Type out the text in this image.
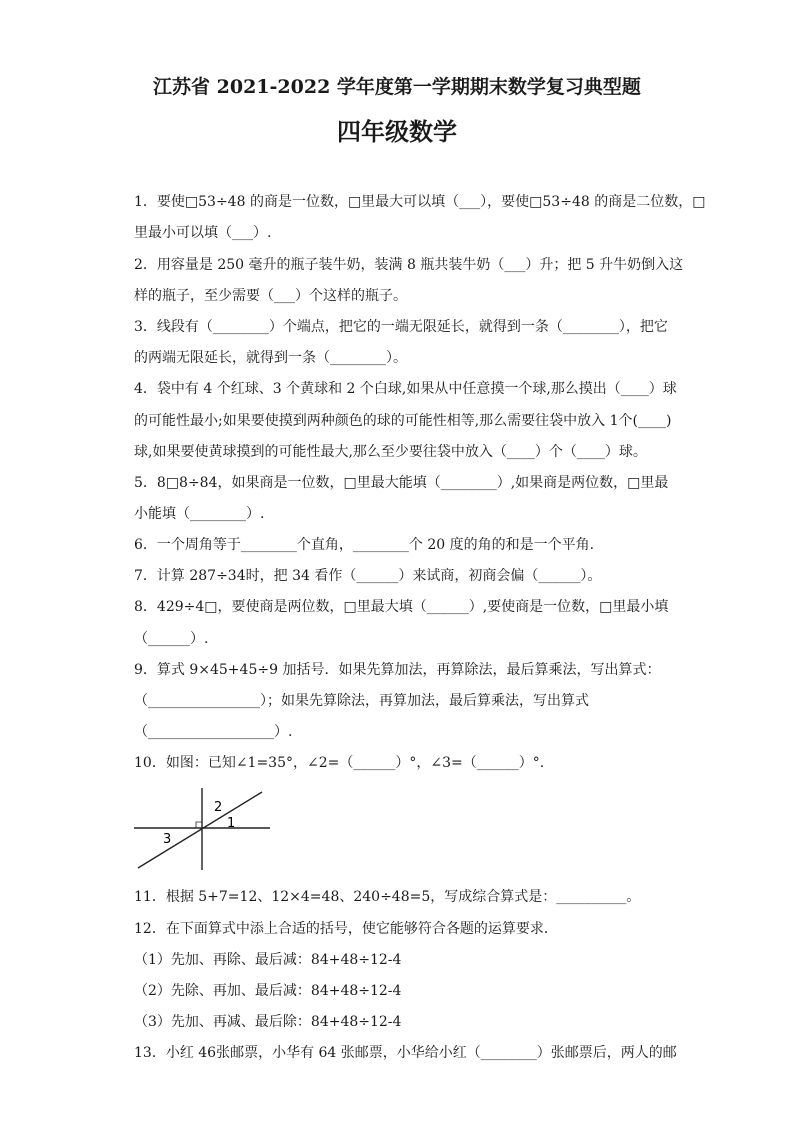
江苏省 2021-2022 学年度第一学期期末数学复习典型题
四年级数学
1．要使□53÷48 的商是一位数，□里最大可以填（___），要使□53÷48 的商是二位数，□
里最小可以填（___）.
2．用容量是 250 毫升的瓶子装牛奶，装满 8 瓶共装牛奶（___）升；把 5 升牛奶倒入这
样的瓶子，至少需要（___）个这样的瓶子。
3．线段有（________）个端点，把它的一端无限延长，就得到一条（________），把它
的两端无限延长，就得到一条（________）。
4．袋中有 4 个红球、3 个黄球和 2 个白球,如果从中任意摸一个球,那么摸出（____）球
的可能性最小;如果要使摸到两种颜色的球的可能性相等,那么需要往袋中放入 1个(____)
球,如果要使黄球摸到的可能性最大,那么至少要往袋中放入（____）个（____）球。
5．8□8÷84，如果商是一位数，□里最大能填（________）,如果商是两位数，□里最
小能填（________）.
6．一个周角等于________个直角，________个 20 度的角的和是一个平角.
7．计算 287÷34时，把 34 看作（______）来试商，初商会偏（______）。
8．429÷4□，要使商是两位数，□里最大填（______）,要使商是一位数，□里最小填
（______）.
9．算式 9×45+45÷9 加括号．如果先算加法，再算除法，最后算乘法，写出算式：
（________________）；如果先算除法，再算加法，最后算乘法，写出算式
（__________________）.
10．如图：已知∠1=35°，∠2=（______）°，∠3=（______）°.
2
1
3
11．根据 5+7=12、12×4=48、240÷48=5，写成综合算式是：__________。
12．在下面算式中添上合适的括号，使它能够符合各题的运算要求．
（1）先加、再除、最后减：84+48÷12-4
（2）先除、再加、最后减：84+48÷12-4
（3）先加、再减、最后除：84+48÷12-4
13．小红 46张邮票，小华有 64 张邮票，小华给小红（________）张邮票后，两人的邮
